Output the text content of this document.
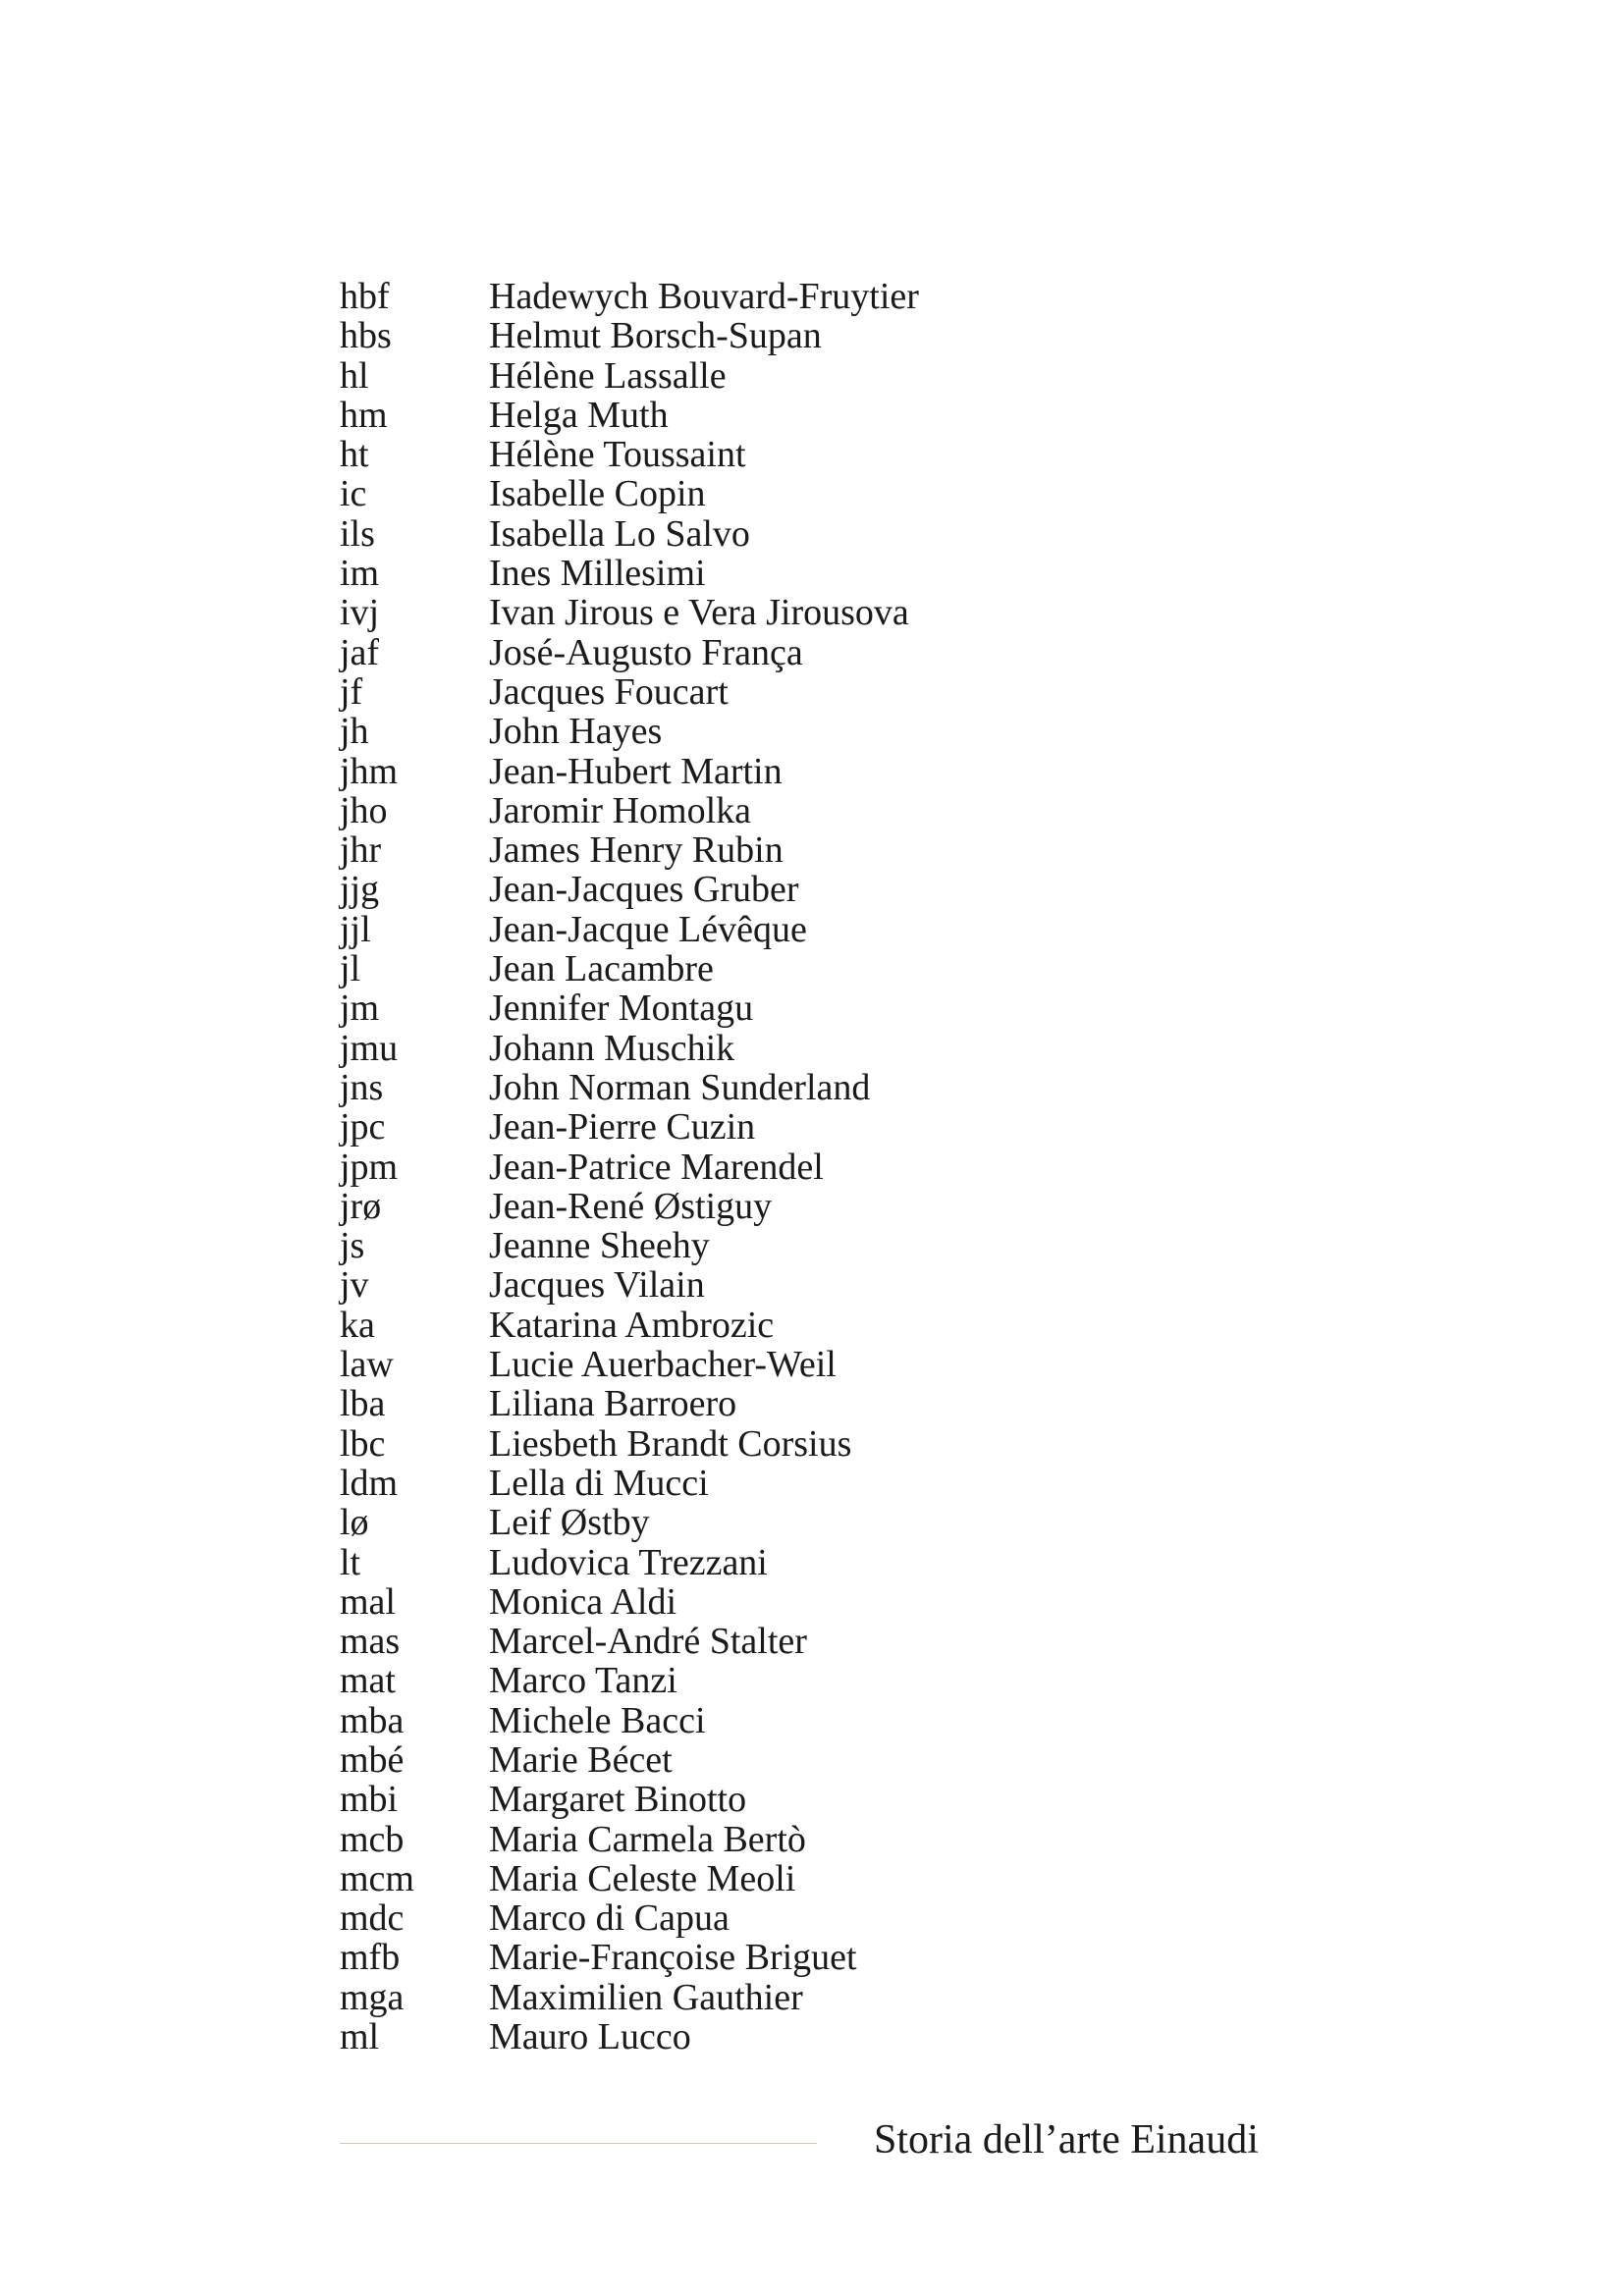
hbf	Hadewych Bouvard-Fruytier
hbs	Helmut Borsch-Supan
hl	Hélène Lassalle
hm	Helga Muth
ht	Hélène Toussaint
ic	Isabelle Copin
ils	Isabella Lo Salvo
im	Ines Millesimi
ivj	Ivan Jirous e Vera Jirousova
jaf	José-Augusto França
jf	Jacques Foucart
jh	John Hayes
jhm	Jean-Hubert Martin
jho	Jaromir Homolka
jhr	James Henry Rubin
jjg	Jean-Jacques Gruber
jjl	Jean-Jacque Lévêque
jl	Jean Lacambre
jm	Jennifer Montagu
jmu	Johann Muschik
jns	John Norman Sunderland
jpc	Jean-Pierre Cuzin
jpm	Jean-Patrice Marendel
jrø	Jean-René Østiguy
js	Jeanne Sheehy
jv	Jacques Vilain
ka	Katarina Ambrozic
law	Lucie Auerbacher-Weil
lba	Liliana Barroero
lbc	Liesbeth Brandt Corsius
ldm	Lella di Mucci
lø	Leif Østby
lt	Ludovica Trezzani
mal	Monica Aldi
mas	Marcel-André Stalter
mat	Marco Tanzi
mba	Michele Bacci
mbé	Marie Bécet
mbi	Margaret Binotto
mcb	Maria Carmela Bertò
mcm	Maria Celeste Meoli
mdc	Marco di Capua
mfb	Marie-Françoise Briguet
mga	Maximilien Gauthier
ml	Mauro Lucco
Storia dell’arte Einaudi
